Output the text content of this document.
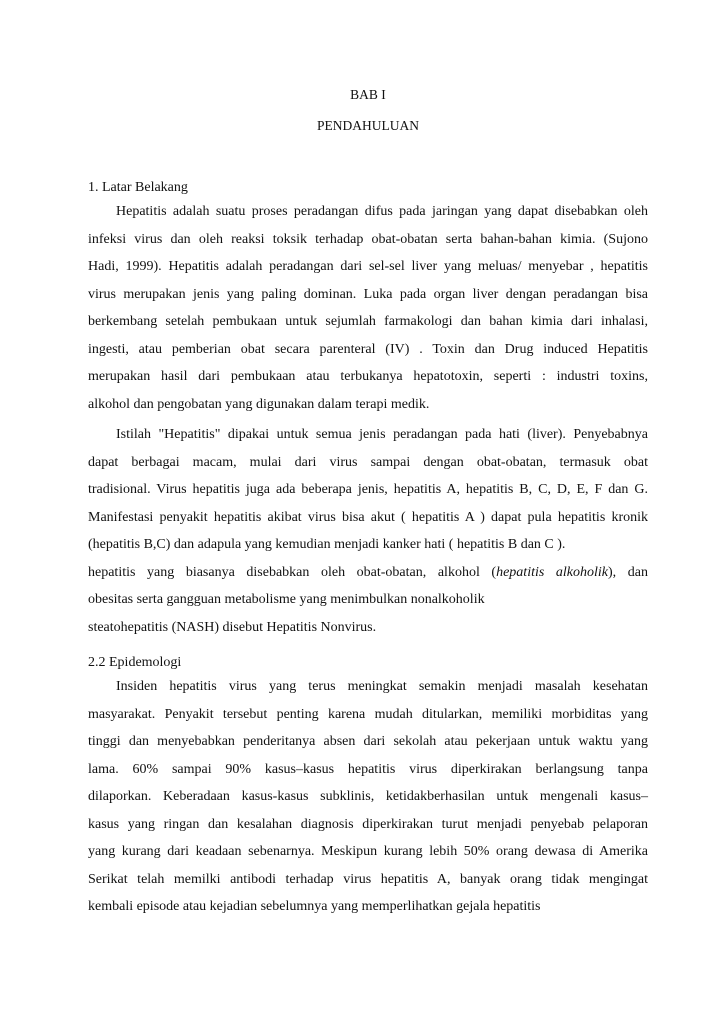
BAB I
PENDAHULUAN
1. Latar Belakang
Hepatitis adalah suatu proses peradangan difus pada jaringan yang dapat disebabkan oleh
infeksi virus dan oleh reaksi toksik terhadap obat-obatan serta bahan-bahan kimia. (Sujono
Hadi, 1999). Hepatitis adalah peradangan dari sel-sel liver yang meluas/ menyebar , hepatitis
virus merupakan jenis yang paling dominan. Luka pada organ liver dengan peradangan bisa
berkembang setelah pembukaan untuk sejumlah farmakologi dan bahan kimia dari inhalasi,
ingesti, atau pemberian obat secara parenteral (IV) . Toxin dan Drug induced Hepatitis
merupakan hasil dari pembukaan atau terbukanya hepatotoxin, seperti : industri toxins,
alkohol dan pengobatan yang digunakan dalam terapi medik.
Istilah "Hepatitis" dipakai untuk semua jenis peradangan pada hati (liver). Penyebabnya
dapat berbagai macam, mulai dari virus sampai dengan obat-obatan, termasuk obat
tradisional. Virus hepatitis juga ada beberapa jenis, hepatitis A, hepatitis B, C, D, E, F dan G.
Manifestasi penyakit hepatitis akibat virus bisa akut ( hepatitis A ) dapat pula hepatitis kronik
(hepatitis B,C) dan adapula yang kemudian menjadi kanker hati ( hepatitis B dan C ).
hepatitis yang biasanya disebabkan oleh obat-obatan, alkohol (hepatitis alkoholik), dan
obesitas serta gangguan metabolisme yang menimbulkan nonalkoholik
steatohepatitis (NASH) disebut Hepatitis Nonvirus.
2.2 Epidemologi
Insiden hepatitis virus yang terus meningkat semakin menjadi masalah kesehatan
masyarakat. Penyakit tersebut penting karena mudah ditularkan, memiliki morbiditas yang
tinggi dan menyebabkan penderitanya absen dari sekolah atau pekerjaan untuk waktu yang
lama. 60% sampai 90% kasus–kasus hepatitis virus diperkirakan berlangsung tanpa
dilaporkan. Keberadaan kasus-kasus subklinis, ketidakberhasilan untuk mengenali kasus–
kasus yang ringan dan kesalahan diagnosis diperkirakan turut menjadi penyebab pelaporan
yang kurang dari keadaan sebenarnya. Meskipun kurang lebih 50% orang dewasa di Amerika
Serikat telah memilki antibodi terhadap virus hepatitis A, banyak orang tidak mengingat
kembali episode atau kejadian sebelumnya yang memperlihatkan gejala hepatitis
